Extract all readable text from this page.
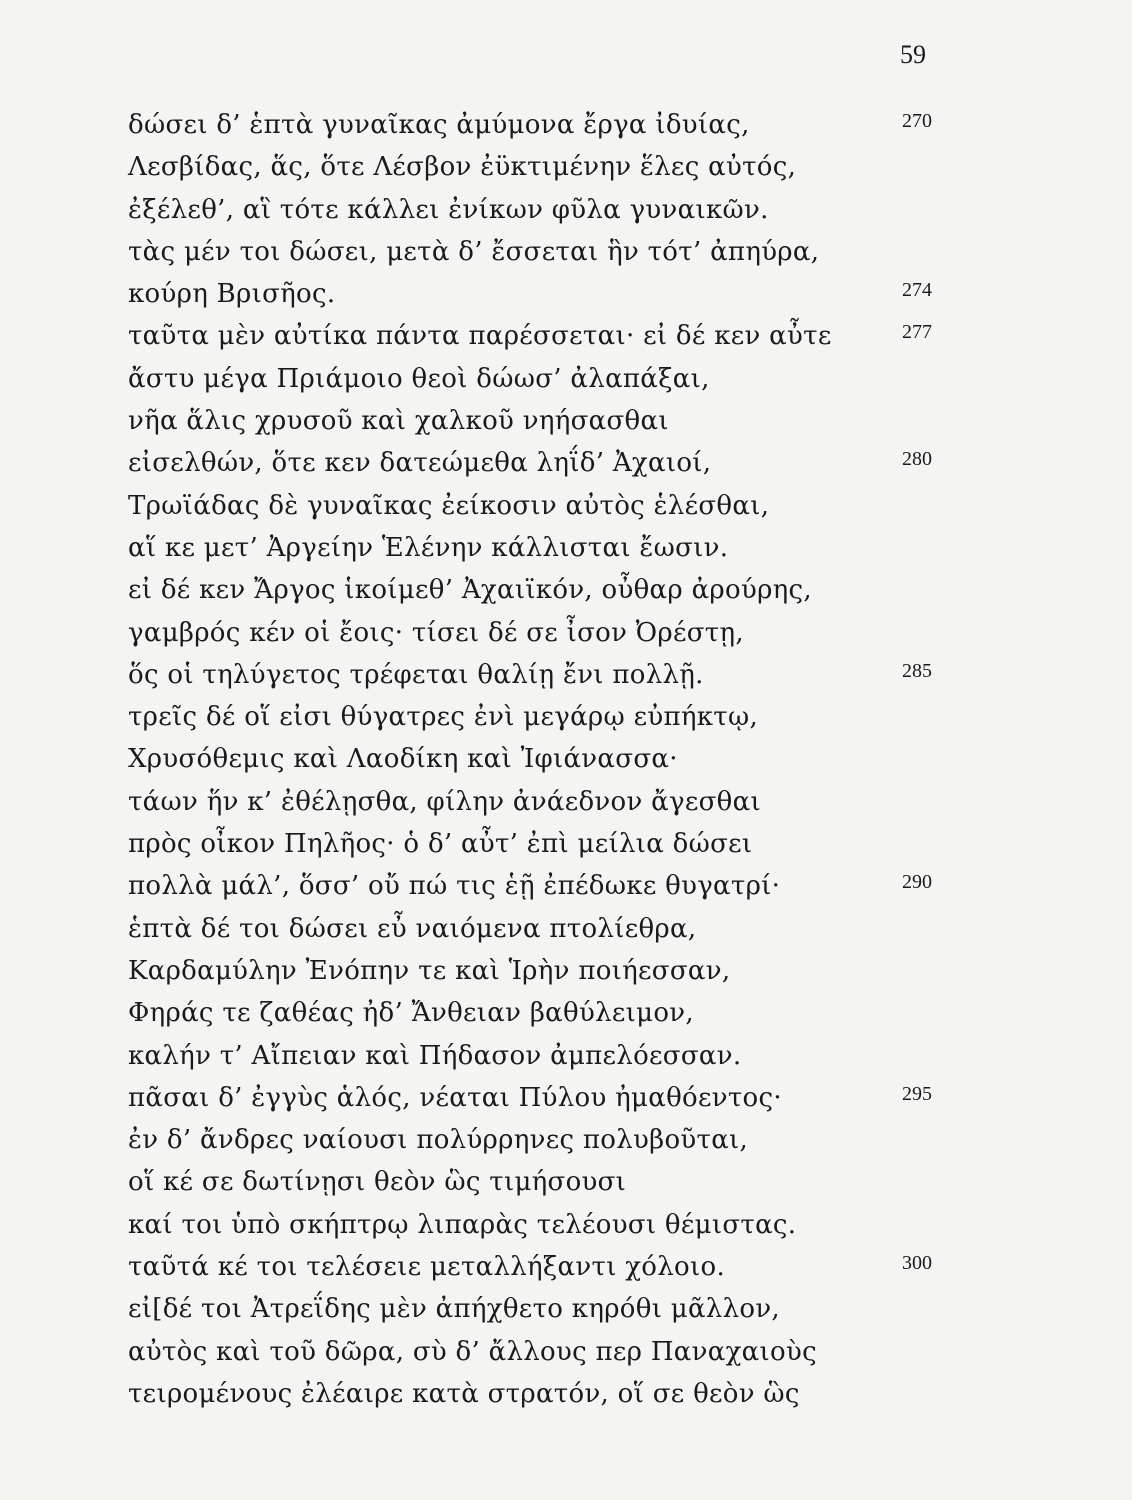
59
δώσει δ’ ἑπτὰ γυναῖκας ἀμύμονα ἔργα ἰδυίας,	270
Λεσβίδας, ἅς, ὅτε Λέσβον ἐϋκτιμένην ἕλες αὐτός,
ἐξέλεθ’, αἳ τότε κάλλει ἐνίκων φῦλα γυναικῶν.
τὰς μέν τοι δώσει, μετὰ δ’ ἔσσεται ἣν τότ’ ἀπηύρα,
κούρη Βρισῆος.	274
ταῦτα μὲν αὐτίκα πάντα παρέσσεται· εἰ δέ κεν αὖτε	277
ἄστυ μέγα Πριάμοιο θεοὶ δώωσ’ ἀλαπάξαι,
νῆα ἅλις χρυσοῦ καὶ χαλκοῦ νηήσασθαι
εἰσελθών, ὅτε κεν δατεώμεθα ληΐδ’ Ἀχαιοί,	280
Τρωϊάδας δὲ γυναῖκας ἐείκοσιν αὐτὸς ἑλέσθαι,
αἵ κε μετ’ Ἀργείην Ἑλένην κάλλισται ἔωσιν.
εἰ δέ κεν Ἄργος ἱκοίμεθ’ Ἀχαιϊκόν, οὖθαρ ἀρούρης,
γαμβρός κέν οἱ ἔοις· τίσει δέ σε ἶσον Ὀρέστῃ,
ὅς οἱ τηλύγετος τρέφεται θαλίῃ ἔνι πολλῇ.	285
τρεῖς δέ οἵ εἰσι θύγατρες ἐνὶ μεγάρῳ εὐπήκτῳ,
Χρυσόθεμις καὶ Λαοδίκη καὶ Ἰφιάνασσα·
τάων ἥν κ’ ἐθέλῃσθα, φίλην ἀνάεδνον ἄγεσθαι
πρὸς οἶκον Πηλῆος· ὁ δ’ αὖτ’ ἐπὶ μείλια δώσει
πολλὰ μάλ’, ὅσσ’ οὔ πώ τις ἑῇ ἐπέδωκε θυγατρί·	290
ἑπτὰ δέ τοι δώσει εὖ ναιόμενα πτολίεθρα,
Καρδαμύλην Ἐνόπην τε καὶ Ἱρὴν ποιήεσσαν,
Φηράς τε ζαθέας ἠδ’ Ἄνθειαν βαθύλειμον,
καλήν τ’ Αἴπειαν καὶ Πήδασον ἀμπελόεσσαν.
πᾶσαι δ’ ἐγγὺς ἁλός, νέαται Πύλου ἠμαθόεντος·	295
ἐν δ’ ἄνδρες ναίουσι πολύρρηνες πολυβοῦται,
οἵ κέ σε δωτίνῃσι θεὸν ὣς τιμήσουσι
καί τοι ὑπὸ σκήπτρῳ λιπαρὰς τελέουσι θέμιστας.
ταῦτά κέ τοι τελέσειε μεταλλήξαντι χόλοιο.	300
εἰ[δέ τοι Ἀτρεΐδης μὲν ἀπήχθετο κηρόθι μᾶλλον,
αὐτὸς καὶ τοῦ δῶρα, σὺ δ’ ἄλλους περ Παναχαιοὺς
τειρομένους ἐλέαιρε κατὰ στρατόν, οἵ σε θεὸν ὣς
